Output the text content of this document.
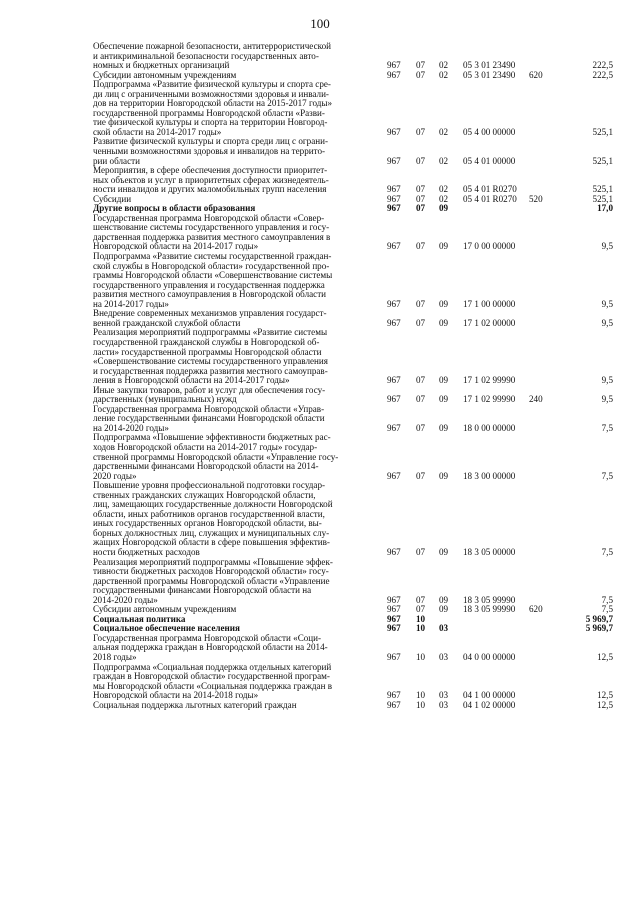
100
Обеспечение пожарной безопасности, антитеррористической
и антикриминальной безопасности государственных авто-
номных и бюджетных организаций	967 07 02 05 3 01 23490	222,5
Субсидии автономным учреждениям	967 07 02 05 3 01 23490 620	222,5
Подпрограмма «Развитие физической культуры и спорта сре-
ди лиц с ограниченными возможностями здоровья и инвали-
дов на территории Новгородской области на 2015-2017 годы»
государственной программы Новгородской области «Разви-
тие физической культуры и спорта на территории Новгород-
ской области на 2014-2017 годы»	967 07 02 05 4 00 00000	525,1
Развитие физической культуры и спорта среди лиц с ограни-
ченными возможностями здоровья и инвалидов на террито-
рии области	967 07 02 05 4 01 00000	525,1
Мероприятия, в сфере обеспечения доступности приоритет-
ных объектов и услуг в приоритетных сферах жизнедеятель-
ности инвалидов и других маломобильных групп населения	967 07 02 05 4 01 R0270	525,1
Субсидии	967 07 02 05 4 01 R0270 520	525,1
Другие вопросы в области образования	967 07 09	17,0
Государственная программа Новгородской области «Совер-
шенствование системы государственного управления и госу-
дарственная поддержка развития местного самоуправления в
Новгородской области на 2014-2017 годы»	967 07 09 17 0 00 00000	9,5
Подпрограмма «Развитие системы государственной граждан-
ской службы в Новгородской области» государственной про-
граммы Новгородской области «Совершенствование системы
государственного управления и государственная поддержка
развития местного самоуправления в Новгородской области
на 2014-2017 годы»	967 07 09 17 1 00 00000	9,5
Внедрение современных механизмов управления государст-
венной гражданской службой области	967 07 09 17 1 02 00000	9,5
Реализация мероприятий подпрограммы «Развитие системы
государственной гражданской службы в Новгородской об-
ласти» государственной программы Новгородской области
«Совершенствование системы государственного управления
и государственная поддержка развития местного самоуправ-
ления в Новгородской области на 2014-2017 годы»	967 07 09 17 1 02 99990	9,5
Иные закупки товаров, работ и услуг для обеспечения госу-
дарственных (муниципальных) нужд	967 07 09 17 1 02 99990 240	9,5
Государственная программа Новгородской области «Управ-
ление государственными финансами Новгородской области
на 2014-2020 годы»	967 07 09 18 0 00 00000	7,5
Подпрограмма «Повышение эффективности бюджетных рас-
ходов Новгородской области на 2014-2017 годы» государ-
ственной программы Новгородской области «Управление госу-
дарственными финансами Новгородской области на 2014-
2020 годы»	967 07 09 18 3 00 00000	7,5
Повышение уровня профессиональной подготовки государ-
ственных гражданских служащих Новгородской области,
лиц, замещающих государственные должности Новгородской
области, иных работников органов государственной власти,
иных государственных органов Новгородской области, вы-
борных должностных лиц, служащих и муниципальных слу-
жащих Новгородской области в сфере повышения эффектив-
ности бюджетных расходов	967 07 09 18 3 05 00000	7,5
Реализация мероприятий подпрограммы «Повышение эффек-
тивности бюджетных расходов Новгородской области» госу-
дарственной программы Новгородской области «Управление
государственными финансами Новгородской области на
2014-2020 годы»	967 07 09 18 3 05 99990	7,5
Субсидии автономным учреждениям	967 07 09 18 3 05 99990 620	7,5
Социальная политика	967 10	5 969,7
Социальное обеспечение населения	967 10 03	5 969,7
Государственная программа Новгородской области «Соци-
альная поддержка граждан в Новгородской области на 2014-
2018 годы»	967 10 03 04 0 00 00000	12,5
Подпрограмма «Социальная поддержка отдельных категорий
граждан в Новгородской области» государственной програм-
мы Новгородской области «Социальная поддержка граждан в
Новгородской области на 2014-2018 годы»	967 10 03 04 1 00 00000	12,5
Социальная поддержка льготных категорий граждан	967 10 03 04 1 02 00000	12,5
